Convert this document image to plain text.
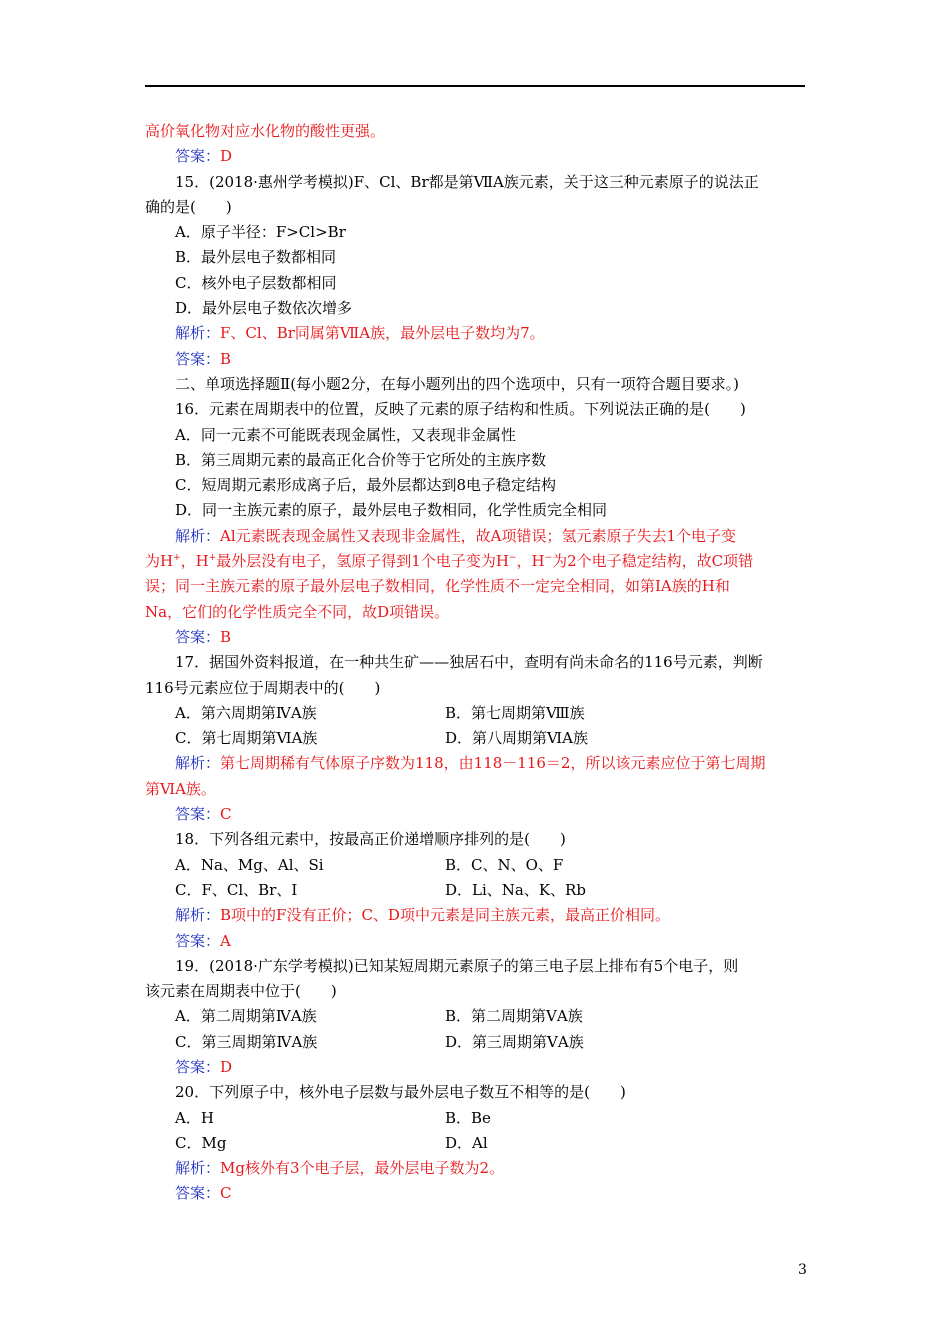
高价氧化物对应水化物的酸性更强。
答案：D
15．(2018·惠州学考模拟)F、Cl、Br都是第ⅦA族元素，关于这三种元素原子的说法正
确的是(　　)
A．原子半径：F>Cl>Br
B．最外层电子数都相同
C．核外电子层数都相同
D．最外层电子数依次增多
解析：F、Cl、Br同属第ⅦA族，最外层电子数均为7。
答案：B
二、单项选择题Ⅱ(每小题2分，在每小题列出的四个选项中，只有一项符合题目要求。)
16．元素在周期表中的位置，反映了元素的原子结构和性质。下列说法正确的是(　　)
A．同一元素不可能既表现金属性，又表现非金属性
B．第三周期元素的最高正化合价等于它所处的主族序数
C．短周期元素形成离子后，最外层都达到8电子稳定结构
D．同一主族元素的原子，最外层电子数相同，化学性质完全相同
解析：Al元素既表现金属性又表现非金属性，故A项错误；氢元素原子失去1个电子变
为H+，H+最外层没有电子，氢原子得到1个电子变为H−，H−为2个电子稳定结构，故C项错
误；同一主族元素的原子最外层电子数相同，化学性质不一定完全相同，如第ⅠA族的H和
Na，它们的化学性质完全不同，故D项错误。
答案：B
17．据国外资料报道，在一种共生矿——独居石中，查明有尚未命名的116号元素，判断
116号元素应位于周期表中的(　　)
A．第六周期第ⅣA族	B．第七周期第Ⅷ族
C．第七周期第ⅥA族	D．第八周期第ⅥA族
解析：第七周期稀有气体原子序数为118，由118－116＝2，所以该元素应位于第七周期
第ⅥA族。
答案：C
18．下列各组元素中，按最高正价递增顺序排列的是(　　)
A．Na、Mg、Al、Si	B．C、N、O、F
C．F、Cl、Br、I	D．Li、Na、K、Rb
解析：B项中的F没有正价；C、D项中元素是同主族元素，最高正价相同。
答案：A
19．(2018·广东学考模拟)已知某短周期元素原子的第三电子层上排布有5个电子，则
该元素在周期表中位于(　　)
A．第二周期第ⅣA族	B．第二周期第ⅤA族
C．第三周期第ⅣA族	D．第三周期第ⅤA族
答案：D
20．下列原子中，核外电子层数与最外层电子数互不相等的是(　　)
A．H	B．Be
C．Mg	D．Al
解析：Mg核外有3个电子层，最外层电子数为2。
答案：C
3
